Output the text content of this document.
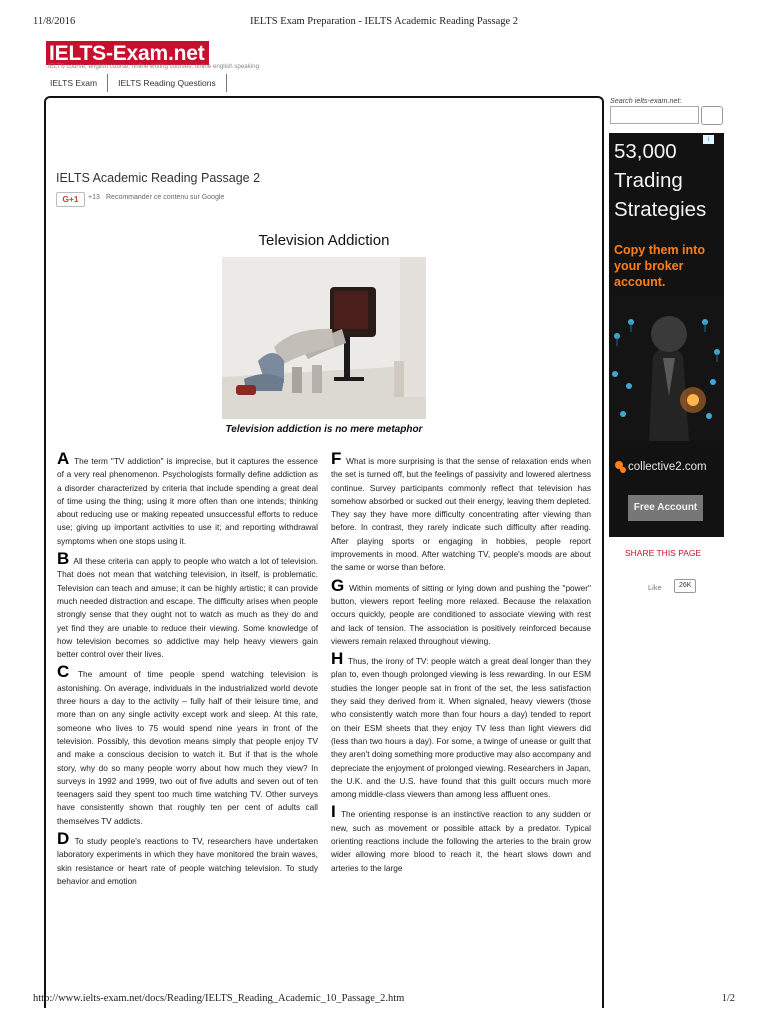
11/8/2016	IELTS Exam Preparation - IELTS Academic Reading Passage 2
IELTS-Exam.net
IELTS course, english course, online writing courses, online english speaking
IELTS Exam	IELTS Reading Questions
IELTS Academic Reading Passage 2
G+1	+13 Recommander ce contenu sur Google
Television Addiction
Television addiction is no mere metaphor

A The term "TV addiction" is imprecise, but it captures the essence of a very real phenomenon. Psychologists formally define addiction as a disorder characterized by criteria that include spending a great deal of time using the thing; using it more often than one intends; thinking about reducing use or making repeated unsuccessful efforts to reduce use; giving up important activities to use it; and reporting withdrawal symptoms when one stops using it.

B All these criteria can apply to people who watch a lot of television. That does not mean that watching television, in itself, is problematic. Television can teach and amuse; it can be highly artistic; it can provide much needed distraction and escape. The difficulty arises when people strongly sense that they ought not to watch as much as they do and yet find they are unable to reduce their viewing. Some knowledge of how television becomes so addictive may help heavy viewers gain better control over their lives.

C The amount of time people spend watching television is astonishing. On average, individuals in the industrialized world devote three hours a day to the activity – fully half of their leisure time, and more than on any single activity except work and sleep. At this rate, someone who lives to 75 would spend nine years in front of the television. Possibly, this devotion means simply that people enjoy TV and make a conscious decision to watch it. But if that is the whole story, why do so many people worry about how much they view? In surveys in 1992 and 1999, two out of five adults and seven out of ten teenagers said they spent too much time watching TV. Other surveys have consistently shown that roughly ten per cent of adults call themselves TV addicts.

D To study people's reactions to TV, researchers have undertaken laboratory experiments in which they have monitored the brain waves, skin resistance or heart rate of people watching television. To study behavior and emotion

F What is more surprising is that the sense of relaxation ends when the set is turned off, but the feelings of passivity and lowered alertness continue. Survey participants commonly reflect that television has somehow absorbed or sucked out their energy, leaving them depleted. They say they have more difficulty concentrating after viewing than before. In contrast, they rarely indicate such difficulty after reading. After playing sports or engaging in hobbies, people report improvements in mood. After watching TV, people's moods are about the same or worse than before.

G Within moments of sitting or lying down and pushing the "power" button, viewers report feeling more relaxed. Because the relaxation occurs quickly, people are conditioned to associate viewing with rest and lack of tension. The association is positively reinforced because viewers remain relaxed throughout viewing.

H Thus, the irony of TV: people watch a great deal longer than they plan to, even though prolonged viewing is less rewarding. In our ESM studies the longer people sat in front of the set, the less satisfaction they said they derived from it. When signaled, heavy viewers (those who consistently watch more than four hours a day) tended to report on their ESM sheets that they enjoy TV less than light viewers did (less than two hours a day). For some, a twinge of unease or guilt that they aren't doing something more productive may also accompany and depreciate the enjoyment of prolonged viewing. Researchers in Japan, the U.K. and the U.S. have found that this guilt occurs much more among middle-class viewers than among less affluent ones.

I The orienting response is an instinctive reaction to any sudden or new, such as movement or possible attack by a predator. Typical orienting reactions include the following the arteries to the brain grow wider allowing more blood to reach it, the heart slows down and arteries to the large

Search ielts-exam.net:
i
53,000 Trading Strategies
Copy them into your broker account.
collective2.com
Free Account
SHARE THIS PAGE
Like	26K
http://www.ielts-exam.net/docs/Reading/IELTS_Reading_Academic_10_Passage_2.htm	1/2
